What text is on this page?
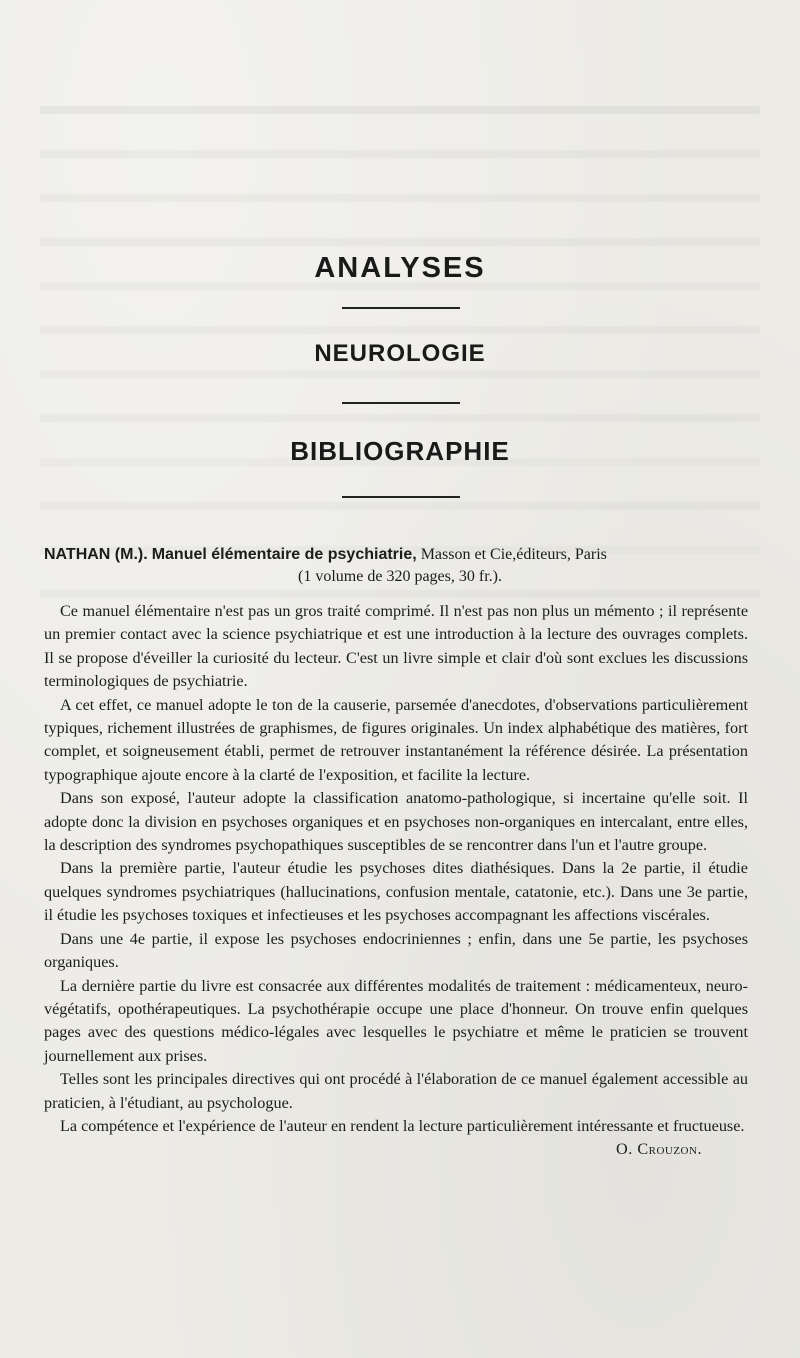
ANALYSES
NEUROLOGIE
BIBLIOGRAPHIE
NATHAN (M.). Manuel élémentaire de psychiatrie, Masson et Cie,éditeurs, Paris
(1 volume de 320 pages, 30 fr.).

Ce manuel élémentaire n'est pas un gros traité comprimé. Il n'est pas non plus un mémento ; il représente un premier contact avec la science psychiatrique et est une introduction à la lecture des ouvrages complets. Il se propose d'éveiller la curiosité du lecteur. C'est un livre simple et clair d'où sont exclues les discussions terminologiques de psychiatrie.

A cet effet, ce manuel adopte le ton de la causerie, parsemée d'anecdotes, d'observations particulièrement typiques, richement illustrées de graphismes, de figures originales. Un index alphabétique des matières, fort complet, et soigneusement établi, permet de retrouver instantanément la référence désirée. La présentation typographique ajoute encore à la clarté de l'exposition, et facilite la lecture.

Dans son exposé, l'auteur adopte la classification anatomo-pathologique, si incertaine qu'elle soit. Il adopte donc la division en psychoses organiques et en psychoses non-organiques en intercalant, entre elles, la description des syndromes psychopathiques susceptibles de se rencontrer dans l'un et l'autre groupe.

Dans la première partie, l'auteur étudie les psychoses dites diathésiques. Dans la 2e partie, il étudie quelques syndromes psychiatriques (hallucinations, confusion mentale, catatonie, etc.). Dans une 3e partie, il étudie les psychoses toxiques et infectieuses et les psychoses accompagnant les affections viscérales.

Dans une 4e partie, il expose les psychoses endocriniennes ; enfin, dans une 5e partie, les psychoses organiques.

La dernière partie du livre est consacrée aux différentes modalités de traitement : médicamenteux, neuro-végétatifs, opothérapeutiques. La psychothérapie occupe une place d'honneur. On trouve enfin quelques pages avec des questions médico-légales avec lesquelles le psychiatre et même le praticien se trouvent journellement aux prises.

Telles sont les principales directives qui ont procédé à l'élaboration de ce manuel également accessible au praticien, à l'étudiant, au psychologue.

La compétence et l'expérience de l'auteur en rendent la lecture particulièrement intéressante et fructueuse.
O. Crouzon.
